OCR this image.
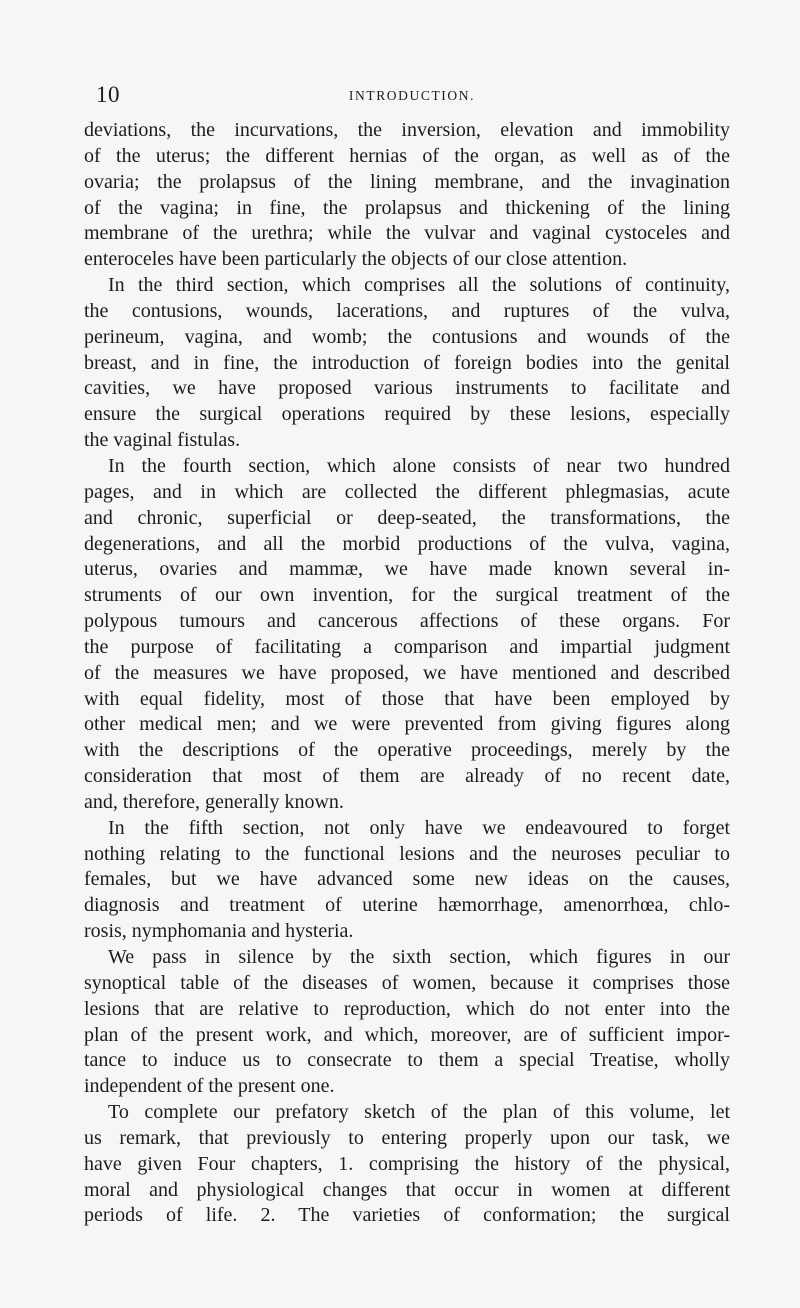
10	INTRODUCTION.
deviations, the incurvations, the inversion, elevation and immobility
of the uterus; the different hernias of the organ, as well as of the
ovaria; the prolapsus of the lining membrane, and the invagination
of the vagina; in fine, the prolapsus and thickening of the lining
membrane of the urethra; while the vulvar and vaginal cystoceles and
enteroceles have been particularly the objects of our close attention.
In the third section, which comprises all the solutions of continuity,
the contusions, wounds, lacerations, and ruptures of the vulva,
perineum, vagina, and womb; the contusions and wounds of the
breast, and in fine, the introduction of foreign bodies into the genital
cavities, we have proposed various instruments to facilitate and
ensure the surgical operations required by these lesions, especially
the vaginal fistulas.
In the fourth section, which alone consists of near two hundred
pages, and in which are collected the different phlegmasias, acute
and chronic, superficial or deep-seated, the transformations, the
degenerations, and all the morbid productions of the vulva, vagina,
uterus, ovaries and mammæ, we have made known several in-
struments of our own invention, for the surgical treatment of the
polypous tumours and cancerous affections of these organs. For
the purpose of facilitating a comparison and impartial judgment
of the measures we have proposed, we have mentioned and described
with equal fidelity, most of those that have been employed by
other medical men; and we were prevented from giving figures along
with the descriptions of the operative proceedings, merely by the
consideration that most of them are already of no recent date,
and, therefore, generally known.
In the fifth section, not only have we endeavoured to forget
nothing relating to the functional lesions and the neuroses peculiar to
females, but we have advanced some new ideas on the causes,
diagnosis and treatment of uterine hæmorrhage, amenorrhœa, chlo-
rosis, nymphomania and hysteria.
We pass in silence by the sixth section, which figures in our
synoptical table of the diseases of women, because it comprises those
lesions that are relative to reproduction, which do not enter into the
plan of the present work, and which, moreover, are of sufficient impor-
tance to induce us to consecrate to them a special Treatise, wholly
independent of the present one.
To complete our prefatory sketch of the plan of this volume, let
us remark, that previously to entering properly upon our task, we
have given Four chapters, 1. comprising the history of the physical,
moral and physiological changes that occur in women at different
periods of life. 2. The varieties of conformation; the surgical
